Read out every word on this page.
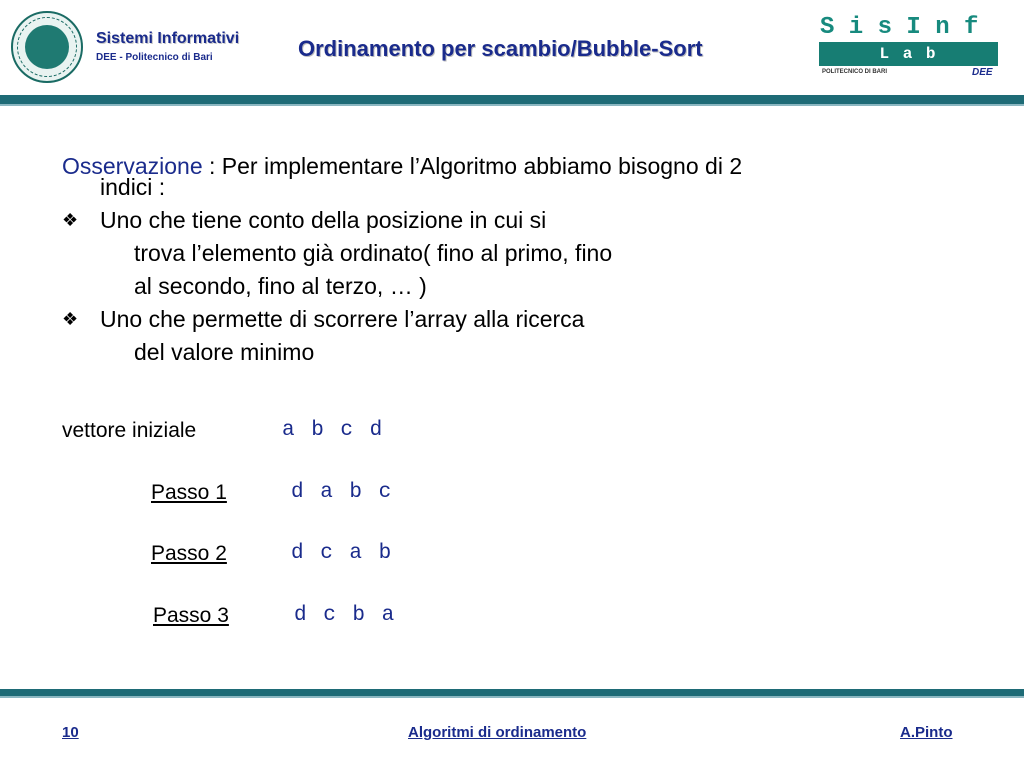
Sistemi Informativi
DEE - Politecnico di Bari	Ordinamento per scambio/Bubble-Sort
S i s I n f
L a b
POLITECNICO DI BARI	DEE
Osservazione : Per implementare l’Algoritmo abbiamo bisogno di 2
indici :
❖ Uno che tiene conto della posizione in cui si
trova l’elemento già ordinato( fino al primo, fino
al secondo, fino al terzo, … )
❖ Uno che permette di scorrere l’array alla ricerca
del valore minimo
vettore iniziale	a b c d
Passo 1	d a b c
Passo 2	d c a b
Passo 3	d c b a
10	Algoritmi di ordinamento	A.Pinto
